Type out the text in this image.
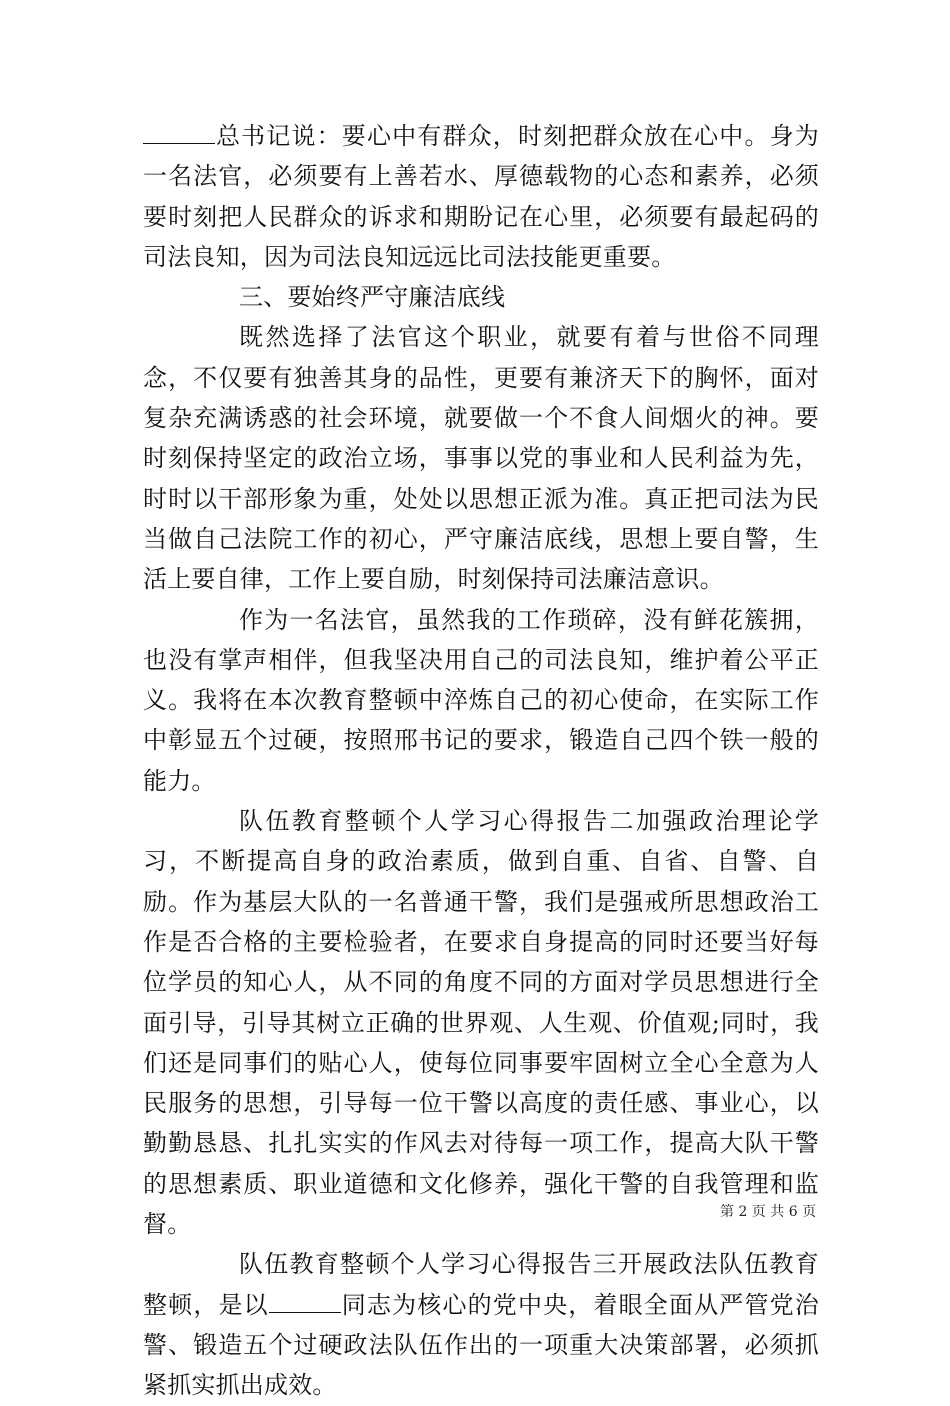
总书记说：要心中有群众，时刻把群众放在心中。身为一名法官，必须要有上善若水、厚德载物的心态和素养，必须要时刻把人民群众的诉求和期盼记在心里，必须要有最起码的司法良知，因为司法良知远远比司法技能更重要。

三、要始终严守廉洁底线

既然选择了法官这个职业，就要有着与世俗不同理念，不仅要有独善其身的品性，更要有兼济天下的胸怀，面对复杂充满诱惑的社会环境，就要做一个不食人间烟火的神。要时刻保持坚定的政治立场，事事以党的事业和人民利益为先，时时以干部形象为重，处处以思想正派为准。真正把司法为民当做自己法院工作的初心，严守廉洁底线，思想上要自警，生活上要自律，工作上要自励，时刻保持司法廉洁意识。

作为一名法官，虽然我的工作琐碎，没有鲜花簇拥，也没有掌声相伴，但我坚决用自己的司法良知，维护着公平正义。我将在本次教育整顿中淬炼自己的初心使命，在实际工作中彰显五个过硬，按照邢书记的要求，锻造自己四个铁一般的能力。

队伍教育整顿个人学习心得报告二加强政治理论学习，不断提高自身的政治素质，做到自重、自省、自警、自励。作为基层大队的一名普通干警，我们是强戒所思想政治工作是否合格的主要检验者，在要求自身提高的同时还要当好每位学员的知心人，从不同的角度不同的方面对学员思想进行全面引导，引导其树立正确的世界观、人生观、价值观;同时，我们还是同事们的贴心人，使每位同事要牢固树立全心全意为人民服务的思想，引导每一位干警以高度的责任感、事业心，以勤勤恳恳、扎扎实实的作风去对待每一项工作，提高大队干警的思想素质、职业道德和文化修养，强化干警的自我管理和监督。

队伍教育整顿个人学习心得报告三开展政法队伍教育整顿，是以	同志为核心的党中央，着眼全面从严管党治警、锻造五个过硬政法队伍作出的一项重大决策部署，必须抓紧抓实抓出成效。

第 2 页 共 6 页
